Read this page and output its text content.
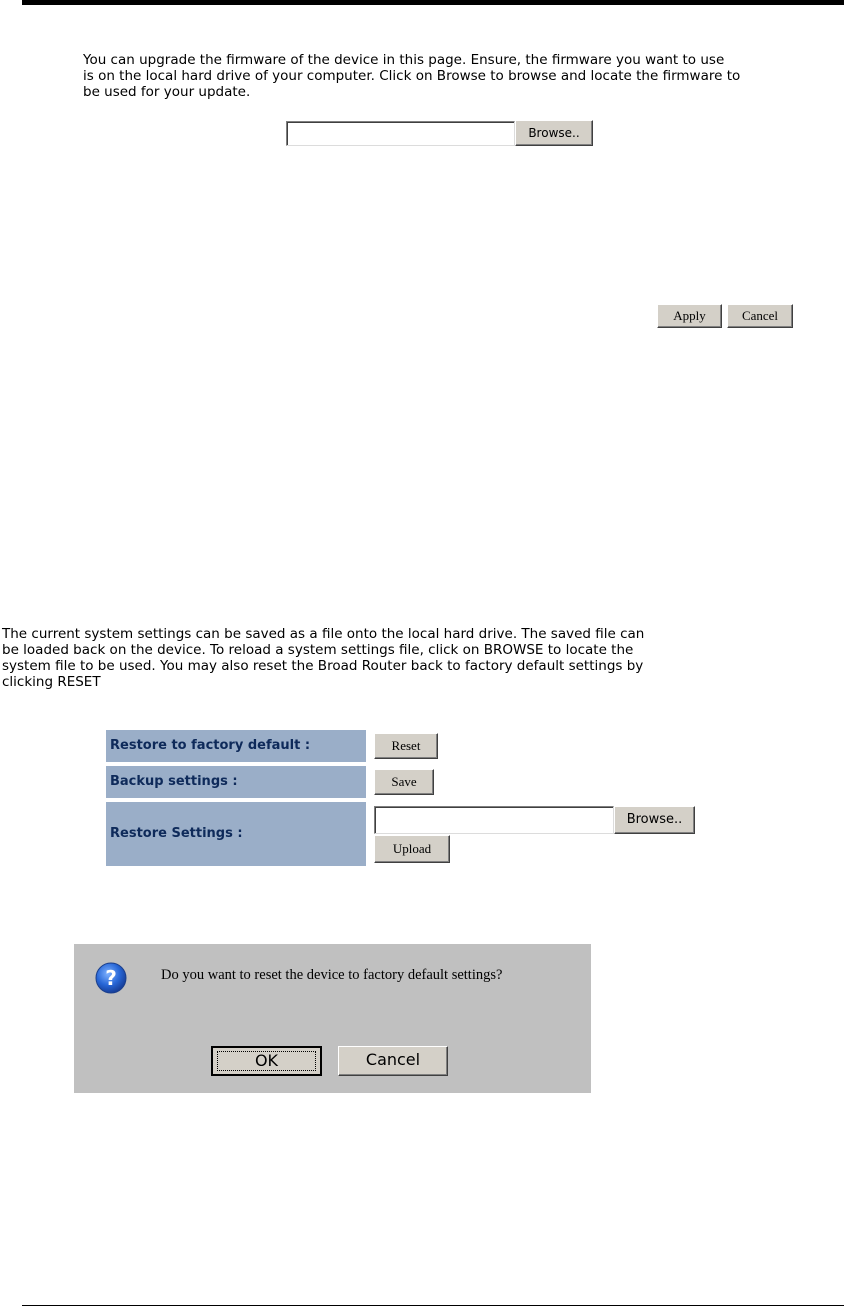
You can upgrade the firmware of the device in this page. Ensure, the firmware you want to use
is on the local hard drive of your computer. Click on Browse to browse and locate the firmware to
be used for your update.
Browse..
Apply	Cancel
The current system settings can be saved as a file onto the local hard drive. The saved file can
be loaded back on the device. To reload a system settings file, click on BROWSE to locate the
system file to be used. You may also reset the Broad Router back to factory default settings by
clicking RESET
Restore to factory default :	Reset
Backup settings :	Save
Restore Settings :
Browse..
Upload
?	Do you want to reset the device to factory default settings?
OK	Cancel
